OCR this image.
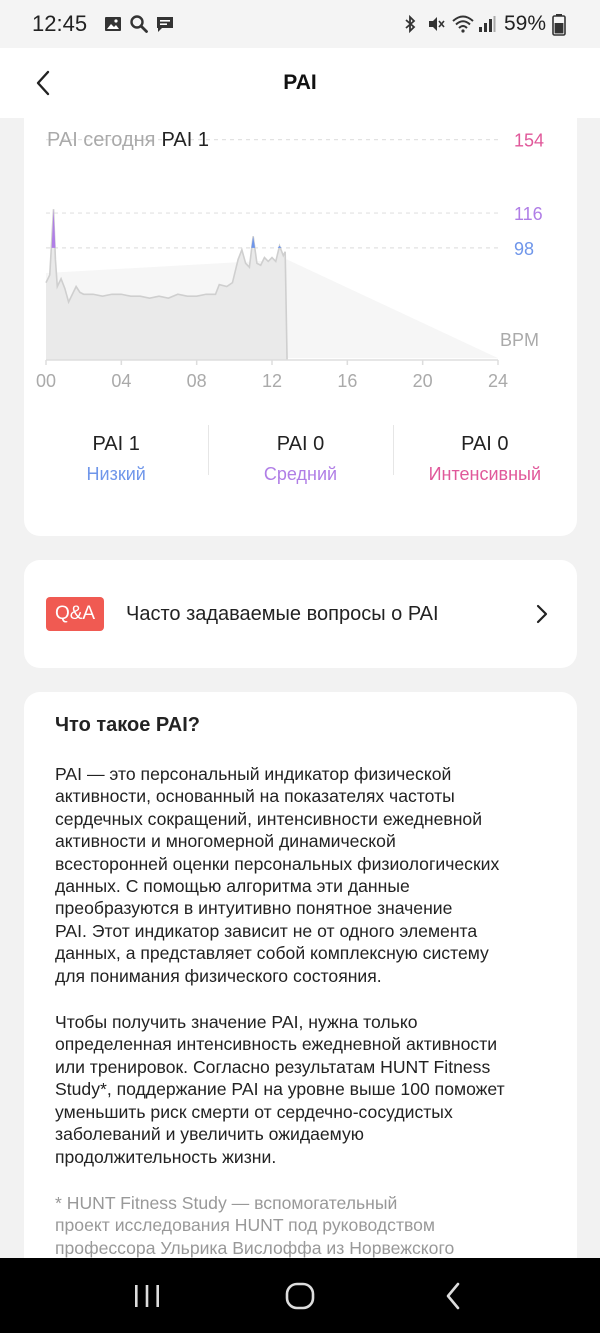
12:45	59%
PAI
154
116
98
BPM
00	04	08	12	16	20	24
PAI сегодня PAI 1
PAI 1
Низкий
PAI 0
Средний
PAI 0
Интенсивный
Q&A	Часто задаваемые вопросы о PAI
Что такое PAI?
PAI — это персональный индикатор физической
активности, основанный на показателях частоты
сердечных сокращений, интенсивности ежедневной
активности и многомерной динамической
всесторонней оценки персональных физиологических
данных. С помощью алгоритма эти данные
преобразуются в интуитивно понятное значение
PAI. Этот индикатор зависит не от одного элемента
данных, а представляет собой комплексную систему
для понимания физического состояния.
Чтобы получить значение PAI, нужна только
определенная интенсивность ежедневной активности
или тренировок. Согласно результатам HUNT Fitness
Study*, поддержание PAI на уровне выше 100 поможет
уменьшить риск смерти от сердечно-сосудистых
заболеваний и увеличить ожидаемую
продолжительность жизни.
* HUNT Fitness Study — вспомогательный
проект исследования HUNT под руководством
профессора Ульрика Вислоффа из Норвежского
